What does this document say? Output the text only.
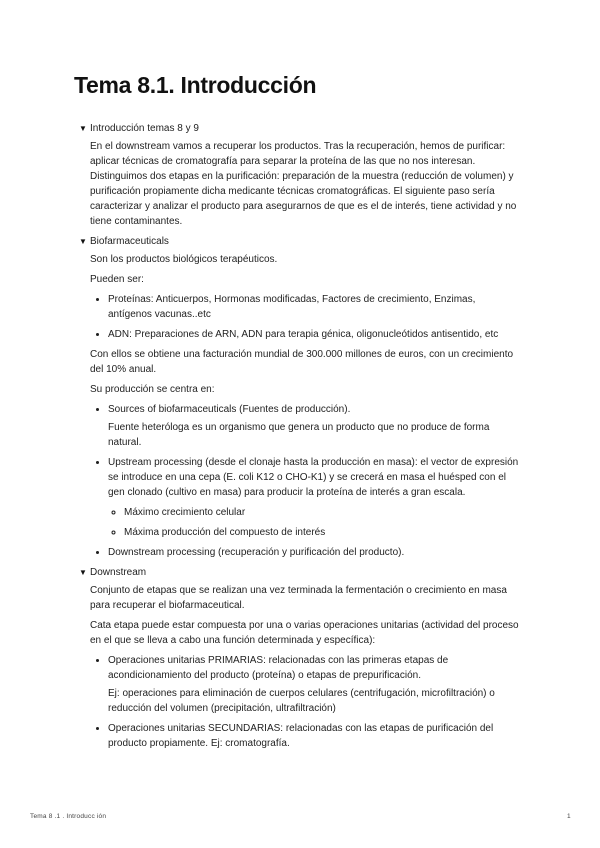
Tema 8.1. Introducción
▼ Introducción temas 8 y 9

En el downstream vamos a recuperar los productos. Tras la recuperación, hemos de purificar: aplicar técnicas de cromatografía para separar la proteína de las que no nos interesan. Distinguimos dos etapas en la purificación: preparación de la muestra (reducción de volumen) y purificación propiamente dicha medicante técnicas cromatográficas. El siguiente paso sería caracterizar y analizar el producto para asegurarnos de que es el de interés, tiene actividad y no tiene contaminantes.

▼ Biofarmaceuticals

Son los productos biológicos terapéuticos.

Pueden ser:

• Proteínas: Anticuerpos, Hormonas modificadas, Factores de crecimiento, Enzimas, antígenos vacunas..etc
• ADN: Preparaciones de ARN, ADN para terapia génica, oligonucleótidos antisentido, etc

Con ellos se obtiene una facturación mundial de 300.000 millones de euros, con un crecimiento del 10% anual.

Su producción se centra en:

• Sources of biofarmaceuticals (Fuentes de producción).

Fuente heteróloga es un organismo que genera un producto que no produce de forma natural.

• Upstream processing (desde el clonaje hasta la producción en masa): el vector de expresión se introduce en una cepa (E. coli K12 o CHO-K1) y se crecerá en masa el huésped con el gen clonado (cultivo en masa) para producir la proteína de interés a gran escala.
◦ Máximo crecimiento celular
◦ Máxima producción del compuesto de interés
• Downstream processing (recuperación y purificación del producto).
▼ Downstream

Conjunto de etapas que se realizan una vez terminada la fermentación o crecimiento en masa para recuperar el biofarmaceutical.

Cata etapa puede estar compuesta por una o varias operaciones unitarias (actividad del proceso en el que se lleva a cabo una función determinada y específica):

• Operaciones unitarias PRIMARIAS: relacionadas con las primeras etapas de acondicionamiento del producto (proteína) o etapas de prepurificación.

Ej: operaciones para eliminación de cuerpos celulares (centrifugación, microfiltración) o reducción del volumen (precipitación, ultrafiltración)

• Operaciones unitarias SECUNDARIAS: relacionadas con las etapas de purificación del producto propiamente. Ej: cromatografía.
Tema 8 .1 . Introducc ión	1
